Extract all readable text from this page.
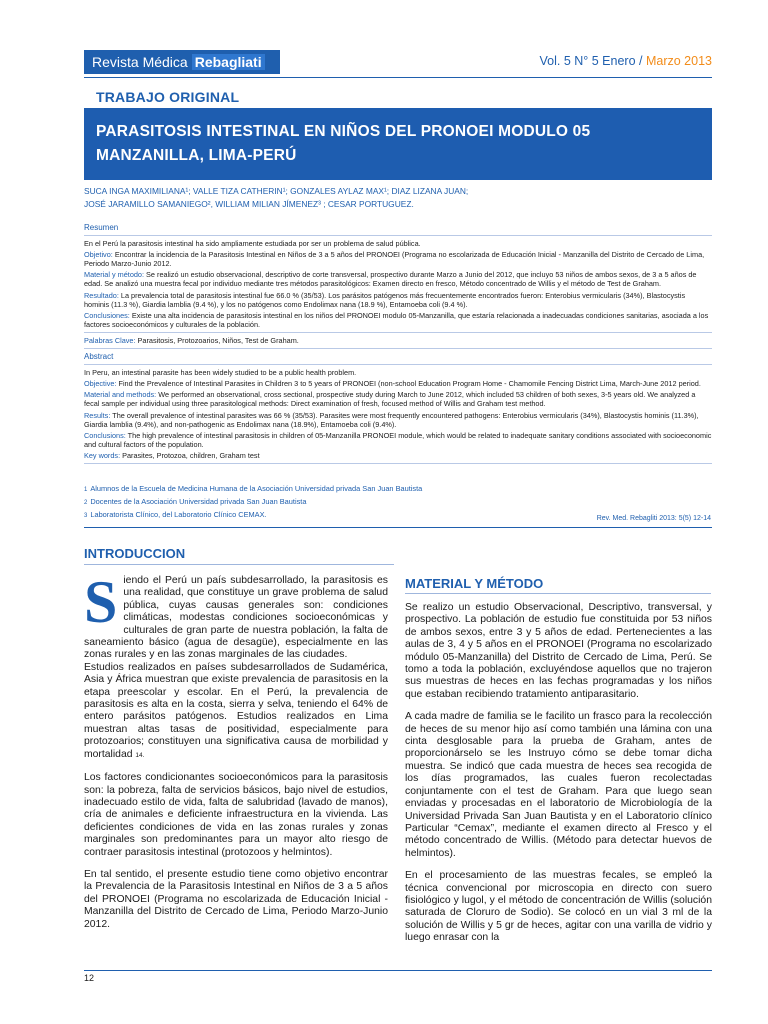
Revista Médica Rebagliati	Vol. 5 N° 5 Enero / Marzo 2013
TRABAJO ORIGINAL
PARASITOSIS INTESTINAL EN NIÑOS DEL PRONOEI MODULO 05
MANZANILLA, LIMA-PERÚ
SUCA INGA MAXIMILIANA¹; VALLE TIZA CATHERIN¹; GONZALES AYLAZ MAX¹; DIAZ LIZANA JUAN;
JOSÉ JARAMILLO SAMANIEGO², WILLIAM MILIAN JÍMENEZ³ ; CESAR PORTUGUEZ.
Resumen

En el Perú la parasitosis intestinal ha sido ampliamente estudiada por ser un problema de salud pública.

Objetivo: Encontrar la incidencia de la Parasitosis Intestinal en Niños de 3 a 5 años del PRONOEI (Programa no escolarizada de Educación Inicial - Manzanilla del Distrito de Cercado de Lima, Periodo Marzo-Junio 2012.

Material y método: Se realizó un estudio observacional, descriptivo de corte transversal, prospectivo durante Marzo a Junio del 2012, que incluyo 53 niños de ambos sexos, de 3 a 5 años de edad. Se analizó una muestra fecal por individuo mediante tres métodos parasitológicos: Examen directo en fresco, Método concentrado de Willis y el método de Test de Graham.

Resultado: La prevalencia total de parasitosis intestinal fue 66.0 % (35/53). Los parásitos patógenos más frecuentemente encontrados fueron: Enterobius vermicularis (34%), Blastocystis hominis (11.3 %), Giardia lamblia (9.4 %), y los no patógenos como Endolimax nana (18.9 %), Entamoeba coli (9.4 %).

Conclusiones: Existe una alta incidencia de parasitosis intestinal en los niños del PRONOEI modulo 05-Manzanilla, que estaría relacionada a inadecuadas condiciones sanitarias, asociada a los factores socioeconómicos y culturales de la población.

Palabras Clave: Parasitosis, Protozoarios, Niños, Test de Graham.

Abstract

In Peru, an intestinal parasite has been widely studied to be a public health problem.

Objective: Find the Prevalence of Intestinal Parasites in Children 3 to 5 years of PRONOEI (non-school Education Program Home - Chamomile Fencing District Lima, March-June 2012 period.

Material and methods: We performed an observational, cross sectional, prospective study during March to June 2012, which included 53 children of both sexes, 3-5 years old. We analyzed a fecal sample per individual using three parasitological methods: Direct examination of fresh, focused method of Willis and Graham test method.

Results: The overall prevalence of intestinal parasites was 66 % (35/53). Parasites were most frequently encountered pathogens: Enterobius vermicularis (34%), Blastocystis hominis (11.3%), Giardia lamblia (9.4%), and non-pathogenic as Endolimax nana (18.9%), Entamoeba coli (9.4%).

Conclusions: The high prevalence of intestinal parasitosis in children of 05-Manzanilla PRONOEI module, which would be related to inadequate sanitary conditions associated with socioeconomic and cultural factors of the population.

Key words: Parasites, Protozoa, children, Graham test

1 Alumnos de la Escuela de Medicina Humana de la Asociación Universidad privada San Juan Bautista
2 Docentes de la Asociación Universidad privada San Juan Bautista
3 Laboratorista Clínico, del Laboratorio Clínico CEMAX.	Rev. Med. Rebagliti 2013: 5(5) 12-14
INTRODUCCION
MATERIAL Y MÉTODO

S iendo el Perú un país subdesarrollado, la parasitosis es una realidad, que constituye un grave problema de salud pública, cuyas causas generales son: condiciones climáticas, modestas condiciones socioeconómicas y culturales de gran parte de nuestra población, la falta de saneamiento básico (agua de desagüe), especialmente en las zonas rurales y en las zonas marginales de las ciudades.

Estudios realizados en países subdesarrollados de Sudamérica, Asia y África muestran que existe prevalencia de parasitosis en la etapa preescolar y escolar. En el Perú, la prevalencia de parasitosis es alta en la costa, sierra y selva, teniendo el 64% de entero parásitos patógenos. Estudios realizados en Lima muestran altas tasas de positividad, especialmente para protozoarios; constituyen una significativa causa de morbilidad y mortalidad 14.

Los factores condicionantes socioeconómicos para la parasitosis son: la pobreza, falta de servicios básicos, bajo nivel de estudios, inadecuado estilo de vida, falta de salubridad (lavado de manos), cría de animales e deficiente infraestructura en la vivienda. Las deficientes condiciones de vida en las zonas rurales y zonas marginales son predominantes para un mayor alto riesgo de contraer parasitosis intestinal (protozoos y helmintos).

En tal sentido, el presente estudio tiene como objetivo encontrar la Prevalencia de la Parasitosis Intestinal en Niños de 3 a 5 años del PRONOEI (Programa no escolarizada de Educación Inicial - Manzanilla del Distrito de Cercado de Lima, Periodo Marzo-Junio 2012.

Se realizo un estudio Observacional, Descriptivo, transversal, y prospectivo. La población de estudio fue constituida por 53 niños de ambos sexos, entre 3 y 5 años de edad. Pertenecientes a las aulas de 3, 4 y 5 años en el PRONOEI (Programa no escolarizado módulo 05-Manzanilla) del Distrito de Cercado de Lima, Perú. Se tomo a toda la población, excluyéndose aquellos que no trajeron sus muestras de heces en las fechas programadas y los niños que estaban recibiendo tratamiento antiparasitario.

A cada madre de familia se le facilito un frasco para la recolección de heces de su menor hijo así como también una lámina con una cinta desglosable para la prueba de Graham, antes de proporcionárselo se les Instruyo cómo se debe tomar dicha muestra. Se indicó que cada muestra de heces sea recogida de los días programados, las cuales fueron recolectadas conjuntamente con el test de Graham. Para que luego sean enviadas y procesadas en el laboratorio de Microbiología de la Universidad Privada San Juan Bautista y en el Laboratorio clínico Particular “Cemax”, mediante el examen directo al Fresco y el método concentrado de Willis. (Método para detectar huevos de helmintos).

En el procesamiento de las muestras fecales, se empleó la técnica convencional por microscopia en directo con suero fisiológico y lugol, y el método de concentración de Willis (solución saturada de Cloruro de Sodio). Se colocó en un vial 3 ml de la solución de Willis y 5 gr de heces, agitar con una varilla de vidrio y luego enrasar con la

12
